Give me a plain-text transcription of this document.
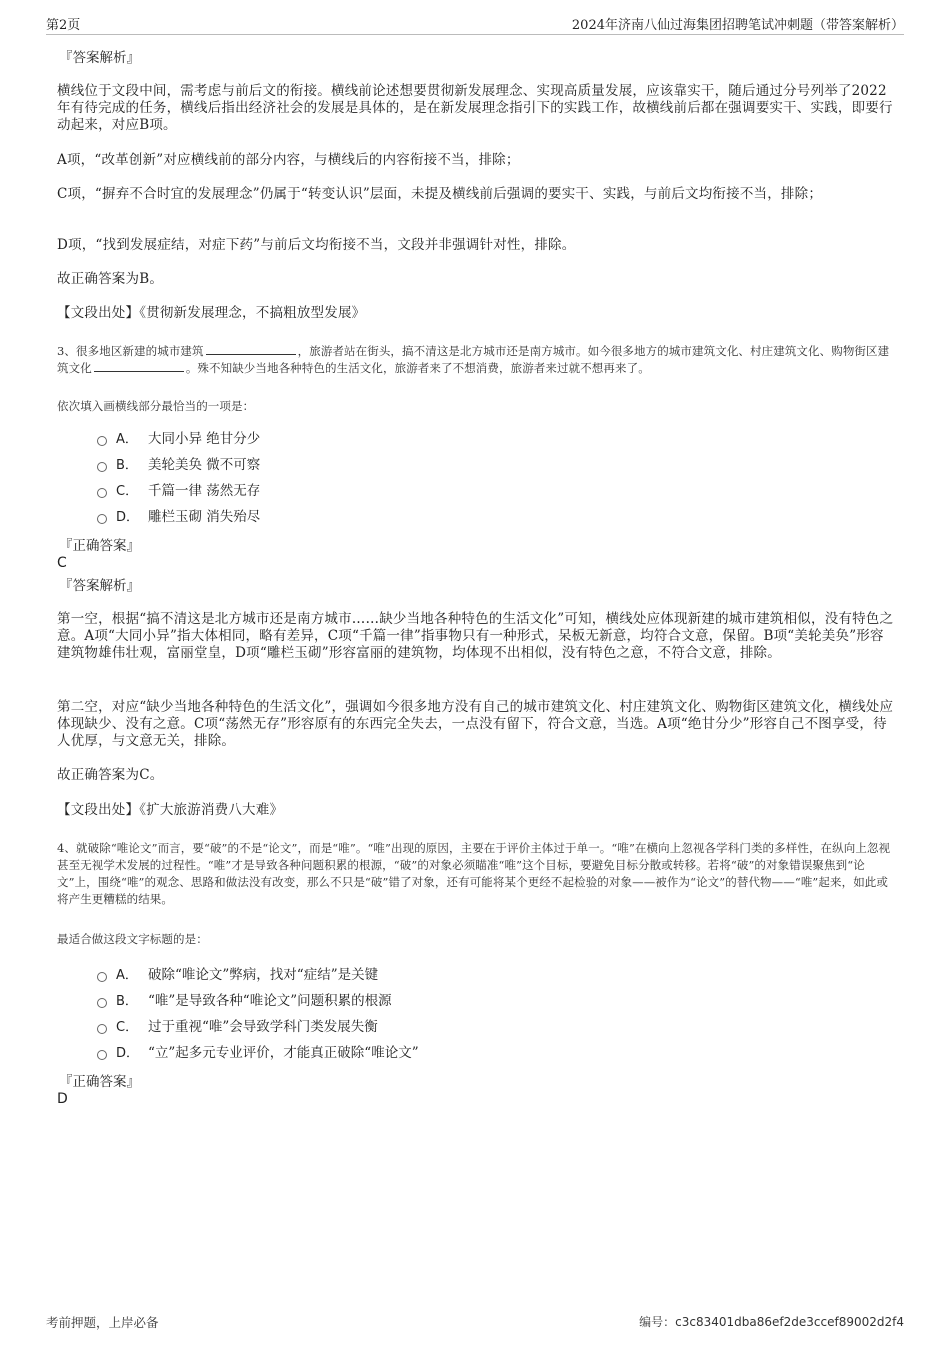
第2页	2024年济南八仙过海集团招聘笔试冲刺题（带答案解析）
『答案解析』

横线位于文段中间，需考虑与前后文的衔接。横线前论述想要贯彻新发展理念、实现高质量发展，应该靠实干，随后通过分号列举了2022年有待完成的任务，横线后指出经济社会的发展是具体的，是在新发展理念指引下的实践工作，故横线前后都在强调要实干、实践，即要行动起来，对应B项。

A项，“改革创新”对应横线前的部分内容，与横线后的内容衔接不当，排除；

C项，“摒弃不合时宜的发展理念”仍属于“转变认识”层面，未提及横线前后强调的要实干、实践，与前后文均衔接不当，排除；

D项，“找到发展症结，对症下药”与前后文均衔接不当，文段并非强调针对性，排除。

故正确答案为B。

【文段出处】《贯彻新发展理念，不搞粗放型发展》

3、很多地区新建的城市建筑	，旅游者站在街头，搞不清这是北方城市还是南方城市。如今很多地方的城市建筑文化、村庄建筑文化、购物街区建筑文化	。殊不知缺少当地各种特色的生活文化，旅游者来了不想消费，旅游者来过就不想再来了。

依次填入画横线部分最恰当的一项是：

A． 大同小异 绝甘分少
B． 美轮美奂 微不可察
C． 千篇一律 荡然无存
D． 雕栏玉砌 消失殆尽
『正确答案』
C
『答案解析』

第一空，根据“搞不清这是北方城市还是南方城市……缺少当地各种特色的生活文化”可知，横线处应体现新建的城市建筑相似，没有特色之意。A项“大同小异”指大体相同，略有差异，C项“千篇一律”指事物只有一种形式，呆板无新意，均符合文意，保留。B项“美轮美奂”形容建筑物雄伟壮观，富丽堂皇，D项“雕栏玉砌”形容富丽的建筑物，均体现不出相似，没有特色之意，不符合文意，排除。

第二空，对应“缺少当地各种特色的生活文化”，强调如今很多地方没有自己的城市建筑文化、村庄建筑文化、购物街区建筑文化，横线处应体现缺少、没有之意。C项“荡然无存”形容原有的东西完全失去，一点没有留下，符合文意，当选。A项“绝甘分少”形容自己不图享受，待人优厚，与文意无关，排除。

故正确答案为C。

【文段出处】《扩大旅游消费八大难》

4、就破除“唯论文”而言，要“破”的不是“论文”，而是“唯”。“唯”出现的原因，主要在于评价主体过于单一。“唯”在横向上忽视各学科门类的多样性，在纵向上忽视甚至无视学术发展的过程性。“唯”才是导致各种问题积累的根源，“破”的对象必须瞄准“唯”这个目标，要避免目标分散或转移。若将“破”的对象错误聚焦到“论文”上，围绕“唯”的观念、思路和做法没有改变，那么不只是“破”错了对象，还有可能将某个更经不起检验的对象——被作为“论文”的替代物——“唯”起来，如此或将产生更糟糕的结果。

最适合做这段文字标题的是：

A． 破除“唯论文”弊病，找对“症结”是关键
B． “唯”是导致各种“唯论文”问题积累的根源
C． 过于重视“唯”会导致学科门类发展失衡
D． “立”起多元专业评价，才能真正破除“唯论文”
『正确答案』
D
考前押题，上岸必备	编号：c3c83401dba86ef2de3ccef89002d2f4
